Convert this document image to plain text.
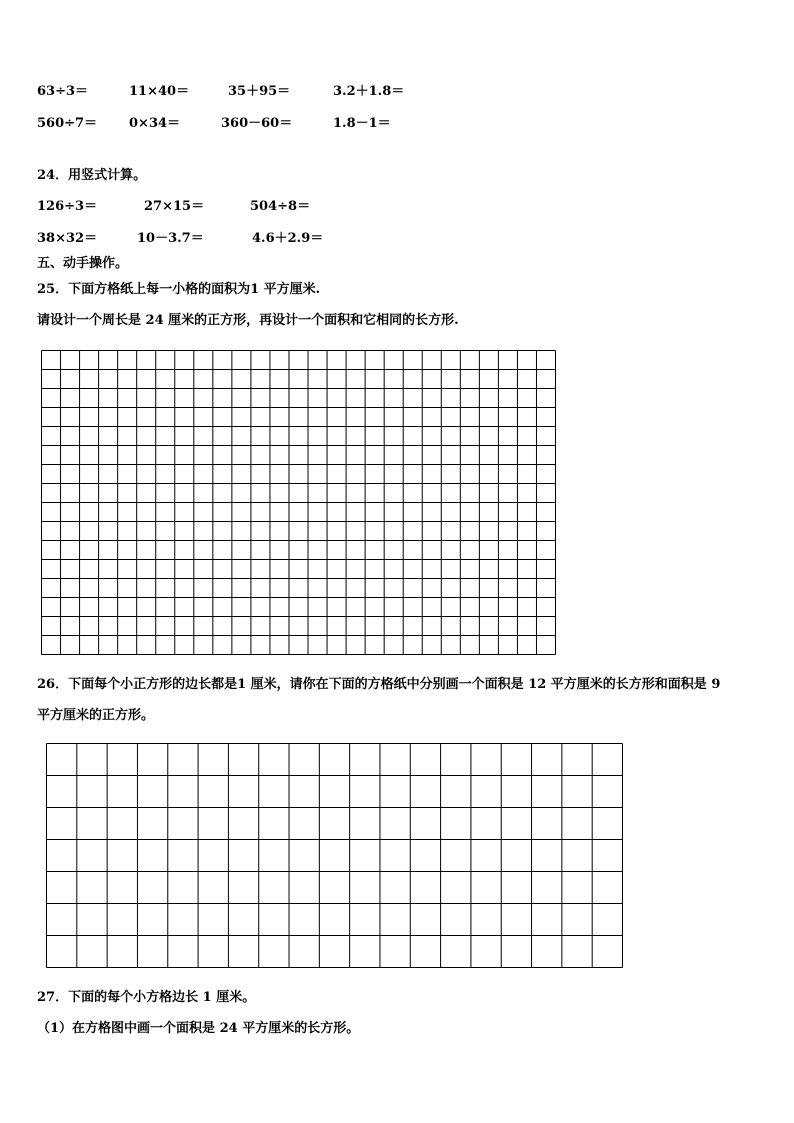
63÷3＝	11×40＝	35＋95＝	3.2＋1.8＝
560÷7＝ 0×34＝	360－60＝	1.8－1＝
24．用竖式计算。
126÷3＝	27×15＝	504÷8＝
38×32＝	10－3.7＝	4.6＋2.9＝
五、动手操作。
25．下面方格纸上每一小格的面积为1 平方厘米.
请设计一个周长是 24 厘米的正方形，再设计一个面积和它相同的长方形.
26．下面每个小正方形的边长都是1 厘米，请你在下面的方格纸中分别画一个面积是 12 平方厘米的长方形和面积是 9
平方厘米的正方形。
27．下面的每个小方格边长 1 厘米。
（1）在方格图中画一个面积是 24 平方厘米的长方形。
